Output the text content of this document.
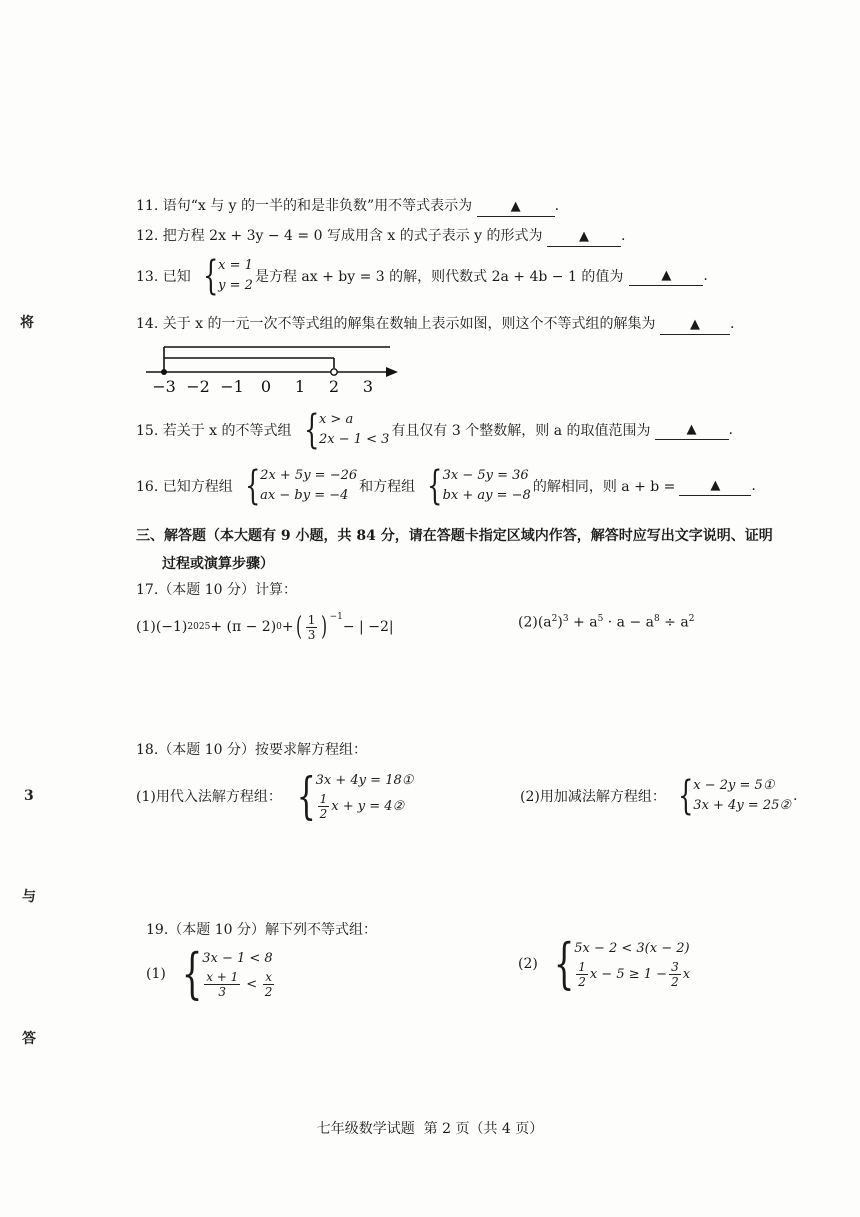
11. 语句“x 与 y 的一半的和是非负数”用不等式表示为	▲ .
12. 把方程 2x + 3y − 4 = 0 写成用含 x 的式子表示 y 的形式为	▲ .
13. 已知 { x = 1
y = 2
是方程 ax + by = 3 的解，则代数式 2a + 4b − 1 的值为	▲	.
14. 关于 x 的一元一次不等式组的解集在数轴上表示如图，则这个不等式组的解集为	▲ .
−3 −2 −1 0 1 2 3
15. 若关于 x 的不等式组 { x > a
2x − 1 < 3
有且仅有 3 个整数解，则 a 的取值范围为	▲	.
16. 已知方程组 { 2x + 5y = −26
ax − by = −4
和方程组 { 3x − 5y = 36
bx + ay = −8
的解相同，则 a + b =	▲	.
三、解答题（本大题有 9 小题，共 84 分，请在答题卡指定区域内作答，解答时应写出文字说明、证明
过程或演算步骤）
17.（本题 10 分）计算：
(1)(−1) 2025 + (π − 2) 0 + ( $\frac{1}{3} )^{-1}$
− | −2|	$(2)(a^2)^3 + a^5 \cdot a - a^8 \div a^2$
18.（本题 10 分）按要求解方程组：
(1)用代入法解方程组： { 3x + 4y = 18①
$\frac{1}{2}$ x + y = 4②
(2)用加减法解方程组： { x − 2y = 5①
3x + 4y = 25②
.
19.（本题 10 分）解下列不等式组：
(1) { 3x − 1 < 8
$\frac{x + 1}{3} < \frac{x}{2}$
(2) { 5x − 2 < 3(x − 2)
$\frac{1}{2}$ $x - 5 \ge 1 - \frac{3}{2}$ x
将
3
与
答
七年级数学试题  第 2 页（共 4 页）
